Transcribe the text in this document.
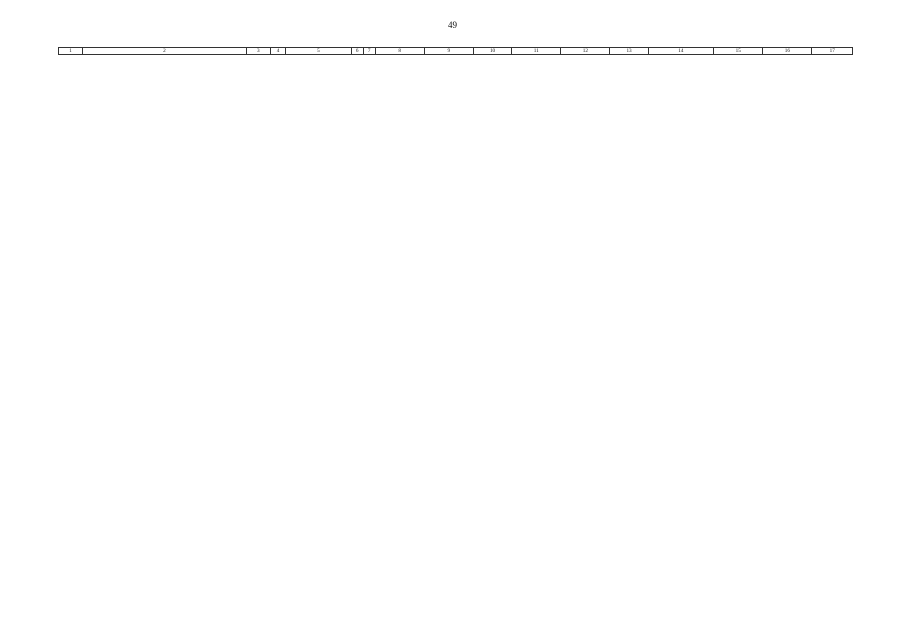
49
1	2	3	4	5	6	7	8	9	10	11	12	13	14	15	16	17
